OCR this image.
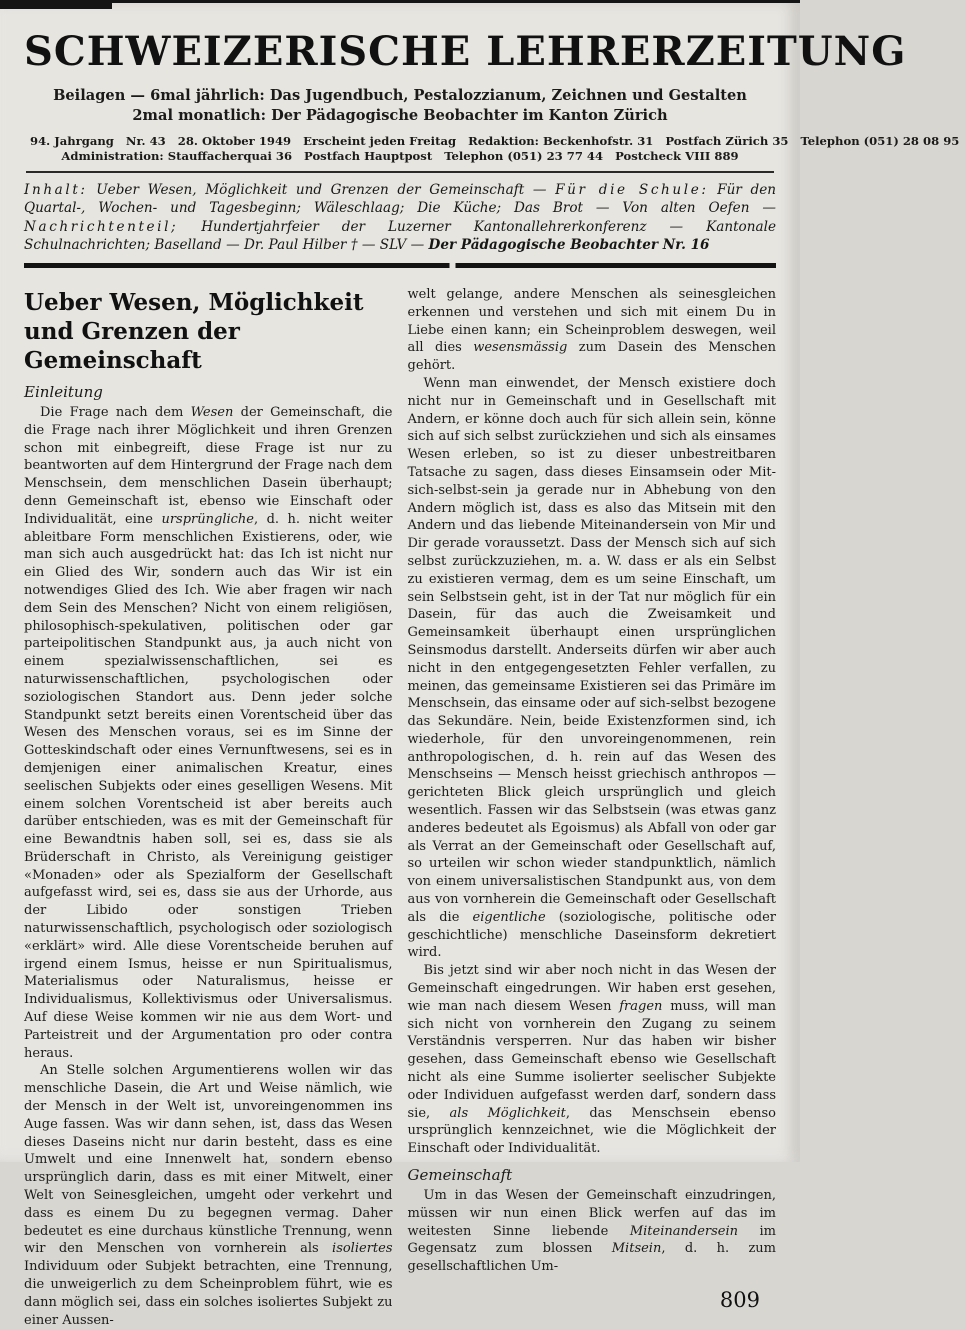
SCHWEIZERISCHE LEHRERZEITUNG
Beilagen — 6mal jährlich: Das Jugendbuch, Pestalozzianum, Zeichnen und Gestalten
2mal monatlich: Der Pädagogische Beobachter im Kanton Zürich
94. Jahrgang Nr. 43 28. Oktober 1949 Erscheint jeden Freitag Redaktion: Beckenhofstr. 31 Postfach Zürich 35 Telephon (051) 28 08 95
Administration: Stauffacherquai 36 Postfach Hauptpost Telephon (051) 23 77 44 Postcheck VIII 889
Inhalt: Ueber Wesen, Möglichkeit und Grenzen der Gemeinschaft — Für die Schule: Für den Quartal-, Wochen- und Tagesbeginn; Wäleschlaag; Die Küche; Das Brot — Von alten Oefen — Nachrichtenteil; Hundertjahrfeier der Luzerner Kantonallehrerkonferenz — Kantonale Schulnachrichten; Baselland — Dr. Paul Hilber † — SLV — Der Pädagogische Beobachter Nr. 16
Ueber Wesen, Möglichkeit und Grenzen der Gemeinschaft
Einleitung

Die Frage nach dem Wesen der Gemeinschaft, die die Frage nach ihrer Möglichkeit und ihren Grenzen schon mit einbegreift, diese Frage ist nur zu beantworten auf dem Hintergrund der Frage nach dem Menschsein, dem menschlichen Dasein überhaupt; denn Gemeinschaft ist, ebenso wie Einschaft oder Individualität, eine ursprüngliche, d. h. nicht weiter ableitbare Form menschlichen Existierens, oder, wie man sich auch ausgedrückt hat: das Ich ist nicht nur ein Glied des Wir, sondern auch das Wir ist ein notwendiges Glied des Ich. Wie aber fragen wir nach dem Sein des Menschen? Nicht von einem religiösen, philosophisch-spekulativen, politischen oder gar parteipolitischen Standpunkt aus, ja auch nicht von einem spezialwissenschaftlichen, sei es naturwissenschaftlichen, psychologischen oder soziologischen Standort aus. Denn jeder solche Standpunkt setzt bereits einen Vorentscheid über das Wesen des Menschen voraus, sei es im Sinne der Gotteskindschaft oder eines Vernunftwesens, sei es in demjenigen einer animalischen Kreatur, eines seelischen Subjekts oder eines geselligen Wesens. Mit einem solchen Vorentscheid ist aber bereits auch darüber entschieden, was es mit der Gemeinschaft für eine Bewandtnis haben soll, sei es, dass sie als Brüderschaft in Christo, als Vereinigung geistiger «Monaden» oder als Spezialform der Gesellschaft aufgefasst wird, sei es, dass sie aus der Urhorde, aus der Libido oder sonstigen Trieben naturwissenschaftlich, psychologisch oder soziologisch «erklärt» wird. Alle diese Vorentscheide beruhen auf irgend einem Ismus, heisse er nun Spiritualismus, Materialismus oder Naturalismus, heisse er Individualismus, Kollektivismus oder Universalismus. Auf diese Weise kommen wir nie aus dem Wort- und Parteistreit und der Argumentation pro oder contra heraus.

An Stelle solchen Argumentierens wollen wir das menschliche Dasein, die Art und Weise nämlich, wie der Mensch in der Welt ist, unvoreingenommen ins Auge fassen. Was wir dann sehen, ist, dass das Wesen dieses Daseins nicht nur darin besteht, dass es eine Umwelt und eine Innenwelt hat, sondern ebenso ursprünglich darin, dass es mit einer Mitwelt, einer Welt von Seinesgleichen, umgeht oder verkehrt und dass es einem Du zu begegnen vermag. Daher bedeutet es eine durchaus künstliche Trennung, wenn wir den Menschen von vornherein als isoliertes Individuum oder Subjekt betrachten, eine Trennung, die unweigerlich zu dem Scheinproblem führt, wie es dann möglich sei, dass ein solches isoliertes Subjekt zu einer Aussen-

welt gelange, andere Menschen als seinesgleichen erkennen und verstehen und sich mit einem Du in Liebe einen kann; ein Scheinproblem deswegen, weil all dies wesensmässig zum Dasein des Menschen gehört.

Wenn man einwendet, der Mensch existiere doch nicht nur in Gemeinschaft und in Gesellschaft mit Andern, er könne doch auch für sich allein sein, könne sich auf sich selbst zurückziehen und sich als einsames Wesen erleben, so ist zu dieser unbestreitbaren Tatsache zu sagen, dass dieses Einsamsein oder Mit-sich-selbst-sein ja gerade nur in Abhebung von den Andern möglich ist, dass es also das Mitsein mit den Andern und das liebende Miteinandersein von Mir und Dir gerade voraussetzt. Dass der Mensch sich auf sich selbst zurückzuziehen, m. a. W. dass er als ein Selbst zu existieren vermag, dem es um seine Einschaft, um sein Selbstsein geht, ist in der Tat nur möglich für ein Dasein, für das auch die Zweisamkeit und Gemeinsamkeit überhaupt einen ursprünglichen Seinsmodus darstellt. Anderseits dürfen wir aber auch nicht in den entgegengesetzten Fehler verfallen, zu meinen, das gemeinsame Existieren sei das Primäre im Menschsein, das einsame oder auf sich-selbst bezogene das Sekundäre. Nein, beide Existenzformen sind, ich wiederhole, für den unvoreingenommenen, rein anthropologischen, d. h. rein auf das Wesen des Menschseins — Mensch heisst griechisch anthropos — gerichteten Blick gleich ursprünglich und gleich wesentlich. Fassen wir das Selbstsein (was etwas ganz anderes bedeutet als Egoismus) als Abfall von oder gar als Verrat an der Gemeinschaft oder Gesellschaft auf, so urteilen wir schon wieder standpunktlich, nämlich von einem universalistischen Standpunkt aus, von dem aus von vornherein die Gemeinschaft oder Gesellschaft als die eigentliche (soziologische, politische oder geschichtliche) menschliche Daseinsform dekretiert wird.

Bis jetzt sind wir aber noch nicht in das Wesen der Gemeinschaft eingedrungen. Wir haben erst gesehen, wie man nach diesem Wesen fragen muss, will man sich nicht von vornherein den Zugang zu seinem Verständnis versperren. Nur das haben wir bisher gesehen, dass Gemeinschaft ebenso wie Gesellschaft nicht als eine Summe isolierter seelischer Subjekte oder Individuen aufgefasst werden darf, sondern dass sie, als Möglichkeit, das Menschsein ebenso ursprünglich kennzeichnet, wie die Möglichkeit der Einschaft oder Individualität.

Gemeinschaft

Um in das Wesen der Gemeinschaft einzudringen, müssen wir nun einen Blick werfen auf das im weitesten Sinne liebende Miteinandersein im Gegensatz zum blossen Mitsein, d. h. zum gesellschaftlichen Um-

809
